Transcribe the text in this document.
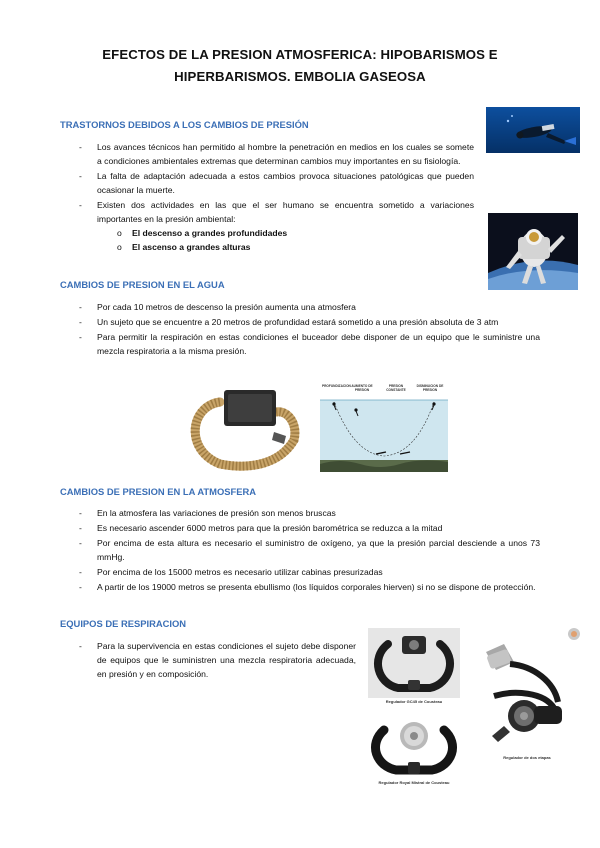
EFECTOS DE LA PRESION ATMOSFERICA: HIPOBARISMOS E
HIPERBARISMOS. EMBOLIA GASEOSA
TRASTORNOS DEBIDOS A LOS CAMBIOS DE PRESIÓN
- Los avances técnicos han permitido al hombre la penetración en medios en los cuales se somete a condiciones ambientales extremas que determinan cambios muy importantes en su fisiología.
- La falta de adaptación adecuada a estos cambios provoca situaciones patológicas que pueden ocasionar la muerte.
- Existen dos actividades en las que el ser humano se encuentra sometido a variaciones importantes en la presión ambiental:
o El descenso a grandes profundidades
o El ascenso a grandes alturas
CAMBIOS DE PRESION EN EL AGUA
- Por cada 10 metros de descenso la presión aumenta una atmosfera
- Un sujeto que se encuentre a 20 metros de profundidad estará sometido a una presión absoluta de 3 atm
- Para permitir la respiración en estas condiciones el buceador debe disponer de un equipo que le suministre una mezcla respiratoria a la misma presión.
PROFUNDIZACION AUMENTO DE PRESION
PRESION CONSTANTE
DISMINUCION DE PRESION
CAMBIOS DE PRESION EN LA ATMOSFERA
- En la atmosfera las variaciones de presión son menos bruscas
- Es necesario ascender 6000 metros para que la presión barométrica se reduzca a la mitad
- Por encima de esta altura es necesario el suministro de oxígeno, ya que la presión parcial desciende a unos 73 mmHg.
- Por encima de los 15000 metros es necesario utilizar cabinas presurizadas
- A partir de los 19000 metros se presenta ebullismo (los líquidos corporales hierven) si no se dispone de protección.
EQUIPOS DE RESPIRACION
- Para la supervivencia en estas condiciones el sujeto debe disponer de equipos que le suministren una mezcla respiratoria adecuada, en presión y en composición.
Regulador GC45 de Cousteau
Regulador Royal Mistral de Cousteau
Regulador de dos etapas
